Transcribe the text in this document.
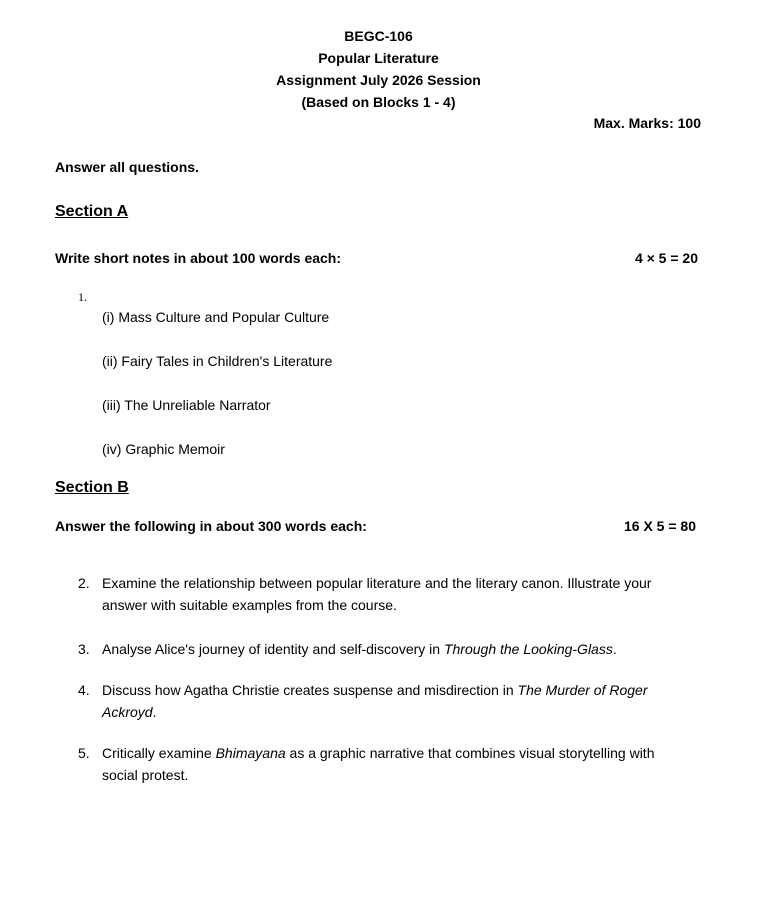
BEGC-106
Popular Literature
Assignment July 2026 Session
(Based on Blocks 1 - 4)
Max. Marks: 100
Answer all questions.
Section A
Write short notes in about 100 words each:	4 × 5 = 20
1.
(i) Mass Culture and Popular Culture
(ii) Fairy Tales in Children's Literature
(iii) The Unreliable Narrator
(iv) Graphic Memoir
Section B
Answer the following in about 300 words each:	16 X 5 = 80
2. Examine the relationship between popular literature and the literary canon. Illustrate your answer with suitable examples from the course.
3. Analyse Alice's journey of identity and self-discovery in Through the Looking-Glass.
4. Discuss how Agatha Christie creates suspense and misdirection in The Murder of Roger Ackroyd.
5. Critically examine Bhimayana as a graphic narrative that combines visual storytelling with social protest.
